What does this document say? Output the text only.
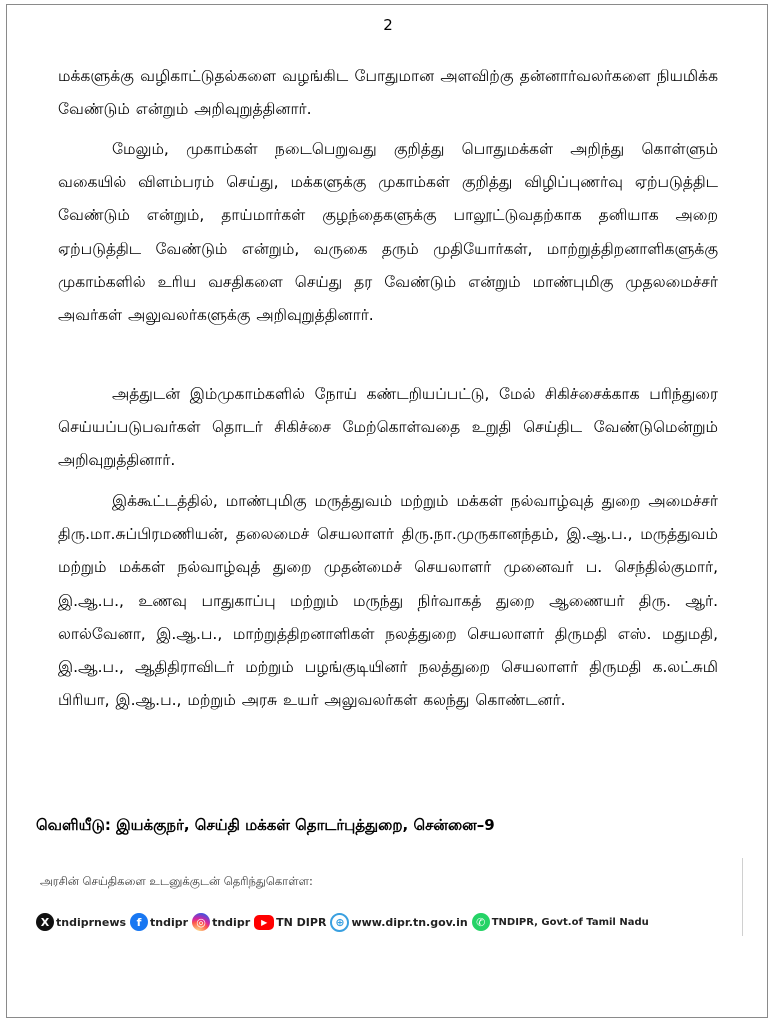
2

மக்களுக்கு வழிகாட்டுதல்களை வழங்கிட போதுமான அளவிற்கு தன்னார்வலர்களை நியமிக்க வேண்டும் என்றும் அறிவுறுத்தினார்.

மேலும், முகாம்கள் நடைபெறுவது குறித்து பொதுமக்கள் அறிந்து கொள்ளும் வகையில் விளம்பரம் செய்து, மக்களுக்கு முகாம்கள் குறித்து விழிப்புணர்வு ஏற்படுத்திட வேண்டும் என்றும், தாய்மார்கள் குழந்தைகளுக்கு பாலூட்டுவதற்காக தனியாக அறை ஏற்படுத்திட வேண்டும் என்றும், வருகை தரும் முதியோர்கள், மாற்றுத்திறனாளிகளுக்கு முகாம்களில் உரிய வசதிகளை செய்து தர வேண்டும் என்றும் மாண்புமிகு முதலமைச்சர் அவர்கள் அலுவலர்களுக்கு அறிவுறுத்தினார்.

அத்துடன் இம்முகாம்களில் நோய் கண்டறியப்பட்டு, மேல் சிகிச்சைக்காக பரிந்துரை செய்யப்படுபவர்கள் தொடர் சிகிச்சை மேற்கொள்வதை உறுதி செய்திட வேண்டுமென்றும் அறிவுறுத்தினார்.

இக்கூட்டத்தில், மாண்புமிகு மருத்துவம் மற்றும் மக்கள் நல்வாழ்வுத் துறை அமைச்சர் திரு.மா.சுப்பிரமணியன், தலைமைச் செயலாளர் திரு.நா.முருகானந்தம், இ.ஆ.ப., மருத்துவம் மற்றும் மக்கள் நல்வாழ்வுத் துறை முதன்மைச் செயலாளர் முனைவர் ப. செந்தில்குமார், இ.ஆ.ப., உணவு பாதுகாப்பு மற்றும் மருந்து நிர்வாகத் துறை ஆணையர் திரு. ஆர். லால்வேனா, இ.ஆ.ப., மாற்றுத்திறனாளிகள் நலத்துறை செயலாளர் திருமதி எஸ். மதுமதி, இ.ஆ.ப., ஆதிதிராவிடர் மற்றும் பழங்குடியினர் நலத்துறை செயலாளர் திருமதி க.லட்சுமி பிரியா, இ.ஆ.ப., மற்றும் அரசு உயர் அலுவலர்கள் கலந்து கொண்டனர்.

வெளியீடு: இயக்குநர், செய்தி மக்கள் தொடர்புத்துறை, சென்னை–9
அரசின் செய்திகளை உடனுக்குடன் தெரிந்துகொள்ள:
X tndiprnews f tndipr ◎ tndipr	▶ TN DIPR ⊕ www.dipr.tn.gov.in ✆ TNDIPR, Govt.of Tamil Nadu
